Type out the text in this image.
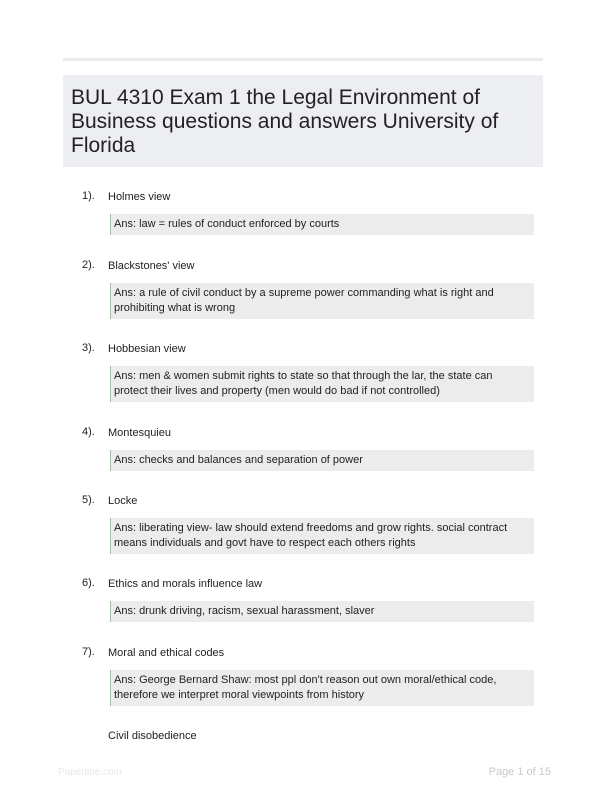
BUL 4310 Exam 1 the Legal Environment of Business questions and answers University of Florida
1). Holmes view
Ans: law = rules of conduct enforced by courts
2). Blackstones' view
Ans: a rule of civil conduct by a supreme power commanding what is right and prohibiting what is wrong
3). Hobbesian view
Ans: men & women submit rights to state so that through the lar, the state can protect their lives and property (men would do bad if not controlled)
4). Montesquieu
Ans: checks and balances and separation of power
5). Locke
Ans: liberating view- law should extend freedoms and grow rights. social contract means individuals and govt have to respect each others rights
6). Ethics and morals influence law
Ans: drunk driving, racism, sexual harassment, slaver
7). Moral and ethical codes
Ans: George Bernard Shaw: most ppl don't reason out own moral/ethical code, therefore we interpret moral viewpoints from history
Civil disobedience
Paperlibe.com	Page 1 of 15
